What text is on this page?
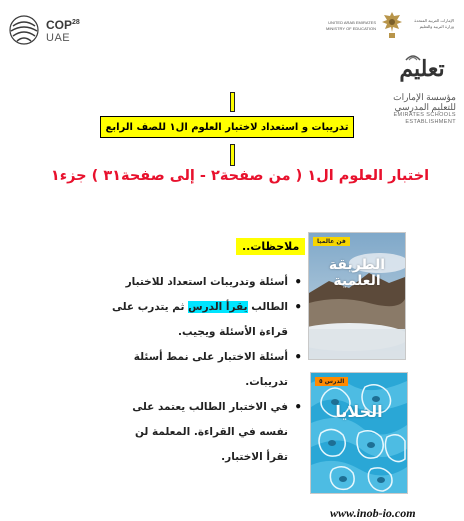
COP$^{28}$
UAE
UNITED ARAB EMIRATES MINISTRY OF EDUCATION
الإمارات العربية المتحدة وزارة التربية والتعليم
تعليم
مؤسسة الإمارات للتعليم المدرسي
EMIRATES SCHOOLS
ESTABLISHMENT
تدريبات و استعداد لاختبار العلوم ال١ للصف الرابع
اختبار العلوم ال١ ( من صفحة٢ - إلى صفحة٣١ ) جزء١
ملاحظات..
• أسئلة وتدريبات استعداد للاختبار
• الطالب يقرأ الدرس ثم يتدرب على قراءة الأسئلة ويجيب.
• أسئلة الاختبار على نمط أسئلة تدريبات.
• في الاختبار الطالب يعتمد على نفسه في القراءة. المعلمة لن تقرأ الاختبار.
فن عالميا
الطريقة العلمية
الدرس ٥
الخلايا
www.inob-io.com
